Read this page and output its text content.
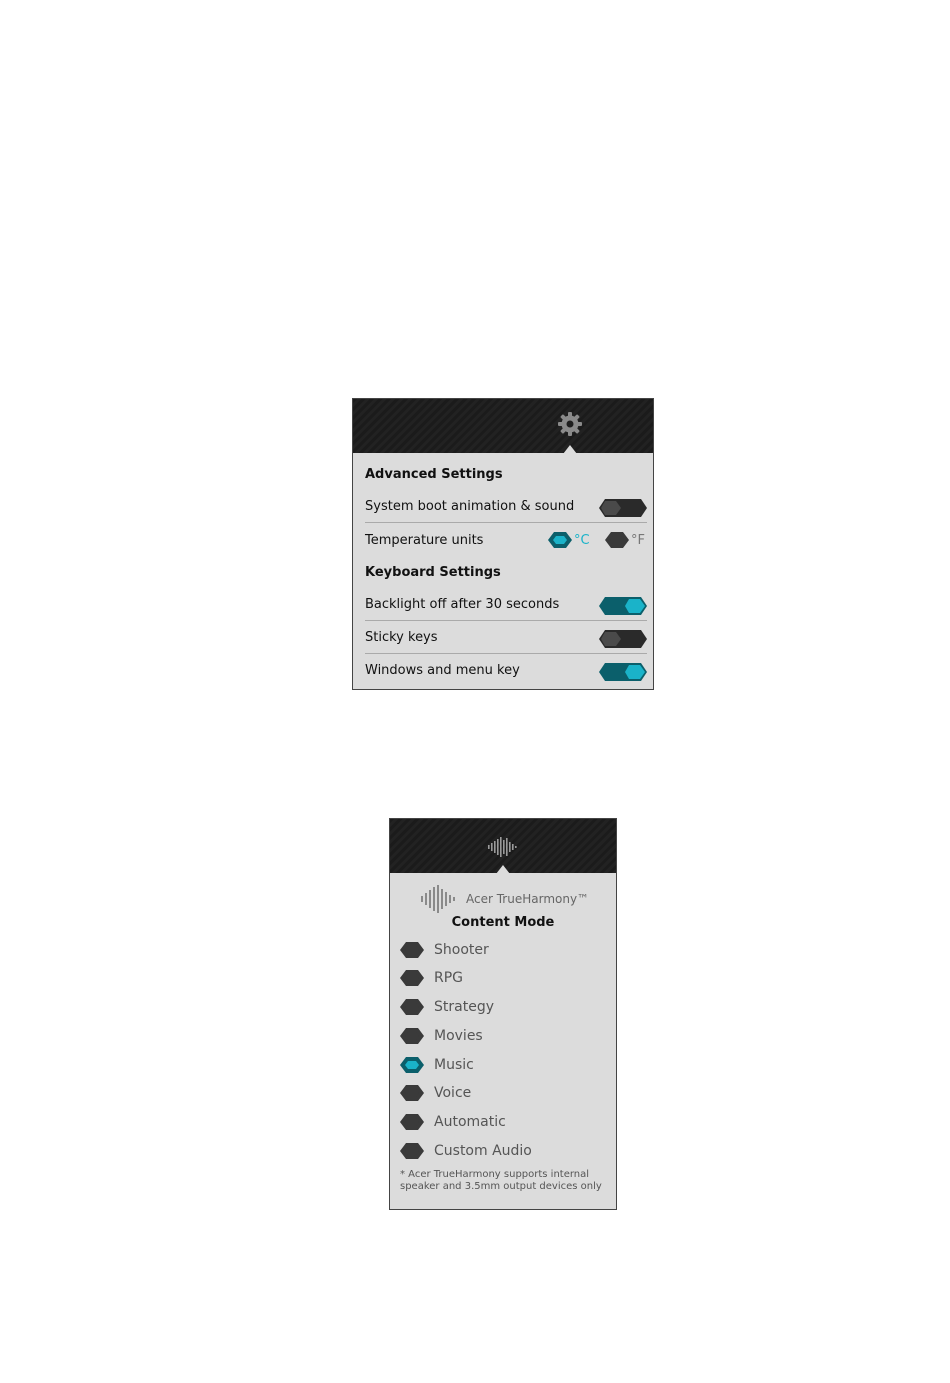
Advanced Settings
System boot animation & sound
Temperature units	°C	°F
Keyboard Settings
Backlight off after 30 seconds
Sticky keys
Windows and menu key
Acer TrueHarmony™
Content Mode
Shooter
RPG
Strategy
Movies
Music
Voice
Automatic
Custom Audio
* Acer TrueHarmony supports internal speaker and 3.5mm output devices only
